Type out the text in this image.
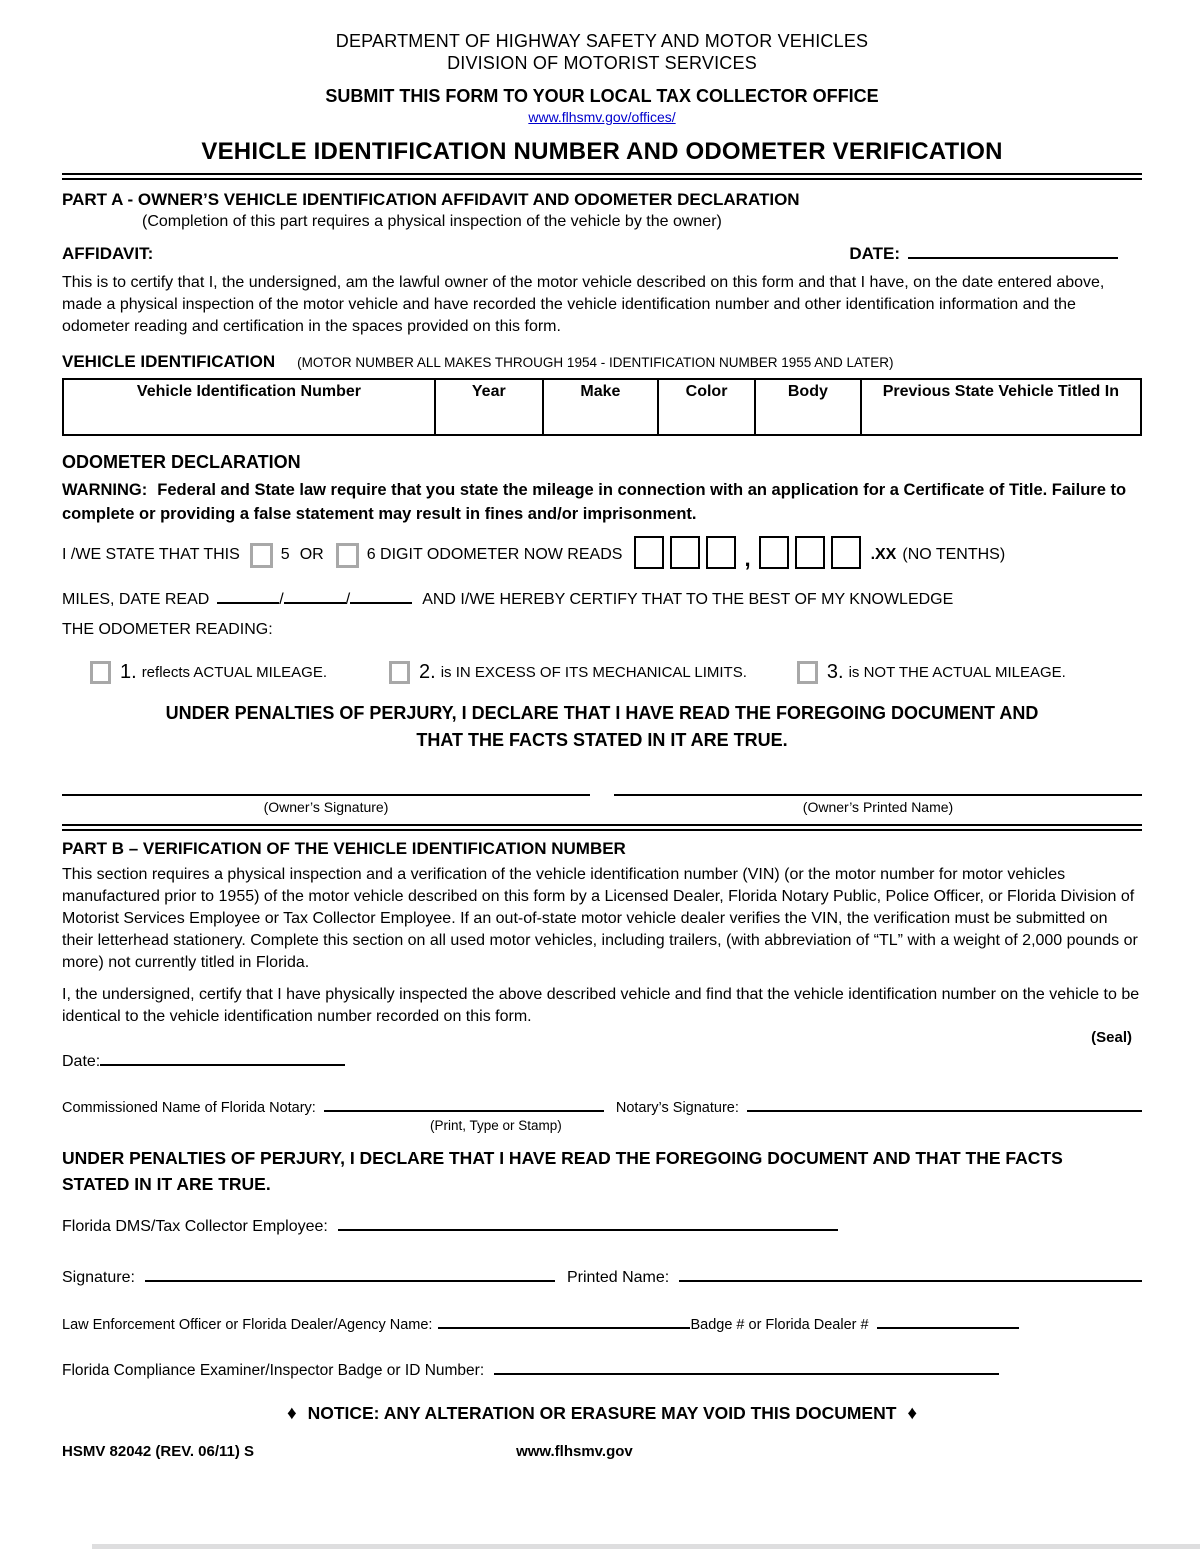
DEPARTMENT OF HIGHWAY SAFETY AND MOTOR VEHICLES
DIVISION OF MOTORIST SERVICES
SUBMIT THIS FORM TO YOUR LOCAL TAX COLLECTOR OFFICE
www.flhsmv.gov/offices/
VEHICLE IDENTIFICATION NUMBER AND ODOMETER VERIFICATION
PART A - OWNER’S VEHICLE IDENTIFICATION AFFIDAVIT AND ODOMETER DECLARATION
(Completion of this part requires a physical inspection of the vehicle by the owner)
AFFIDAVIT:	DATE:

This is to certify that I, the undersigned, am the lawful owner of the motor vehicle described on this form and that I have, on the date entered above, made a physical inspection of the motor vehicle and have recorded the vehicle identification number and other identification information and the odometer reading and certification in the spaces provided on this form.

VEHICLE IDENTIFICATION (MOTOR NUMBER ALL MAKES THROUGH 1954 - IDENTIFICATION NUMBER 1955 AND LATER)
Vehicle Identification Number	Year	Make	Color	Body	Previous State Vehicle Titled In
ODOMETER DECLARATION

WARNING: Federal and State law require that you state the mileage in connection with an application for a Certificate of Title. Failure to complete or providing a false statement may result in fines and/or imprisonment.

I /WE STATE THAT THIS	5 OR	6 DIGIT ODOMETER NOW READS	,	.XX (NO TENTHS)
MILES, DATE READ	/	/	AND I/WE HEREBY CERTIFY THAT TO THE BEST OF MY KNOWLEDGE
THE ODOMETER READING:
1. reflects ACTUAL MILEAGE.	2. is IN EXCESS OF ITS MECHANICAL LIMITS.	3. is NOT THE ACTUAL MILEAGE.
UNDER PENALTIES OF PERJURY, I DECLARE THAT I HAVE READ THE FOREGOING DOCUMENT AND THAT THE FACTS STATED IN IT ARE TRUE.
(Owner’s Signature)	(Owner’s Printed Name)
PART B – VERIFICATION OF THE VEHICLE IDENTIFICATION NUMBER

This section requires a physical inspection and a verification of the vehicle identification number (VIN) (or the motor number for motor vehicles manufactured prior to 1955) of the motor vehicle described on this form by a Licensed Dealer, Florida Notary Public, Police Officer, or Florida Division of Motorist Services Employee or Tax Collector Employee. If an out-of-state motor vehicle dealer verifies the VIN, the verification must be submitted on their letterhead stationery. Complete this section on all used motor vehicles, including trailers, (with abbreviation of “TL” with a weight of 2,000 pounds or more) not currently titled in Florida.

I, the undersigned, certify that I have physically inspected the above described vehicle and find that the vehicle identification number on the vehicle to be identical to the vehicle identification number recorded on this form.

(Seal)
Date:
Commissioned Name of Florida Notary:	Notary’s Signature:
(Print, Type or Stamp)
UNDER PENALTIES OF PERJURY, I DECLARE THAT I HAVE READ THE FOREGOING DOCUMENT AND THAT THE FACTS STATED IN IT ARE TRUE.
Florida DMS/Tax Collector Employee:
Signature:	Printed Name:
Law Enforcement Officer or Florida Dealer/Agency Name:	Badge # or Florida Dealer #
Florida Compliance Examiner/Inspector Badge or ID Number:
♦ NOTICE: ANY ALTERATION OR ERASURE MAY VOID THIS DOCUMENT ♦
HSMV 82042 (REV. 06/11) S	www.flhsmv.gov
